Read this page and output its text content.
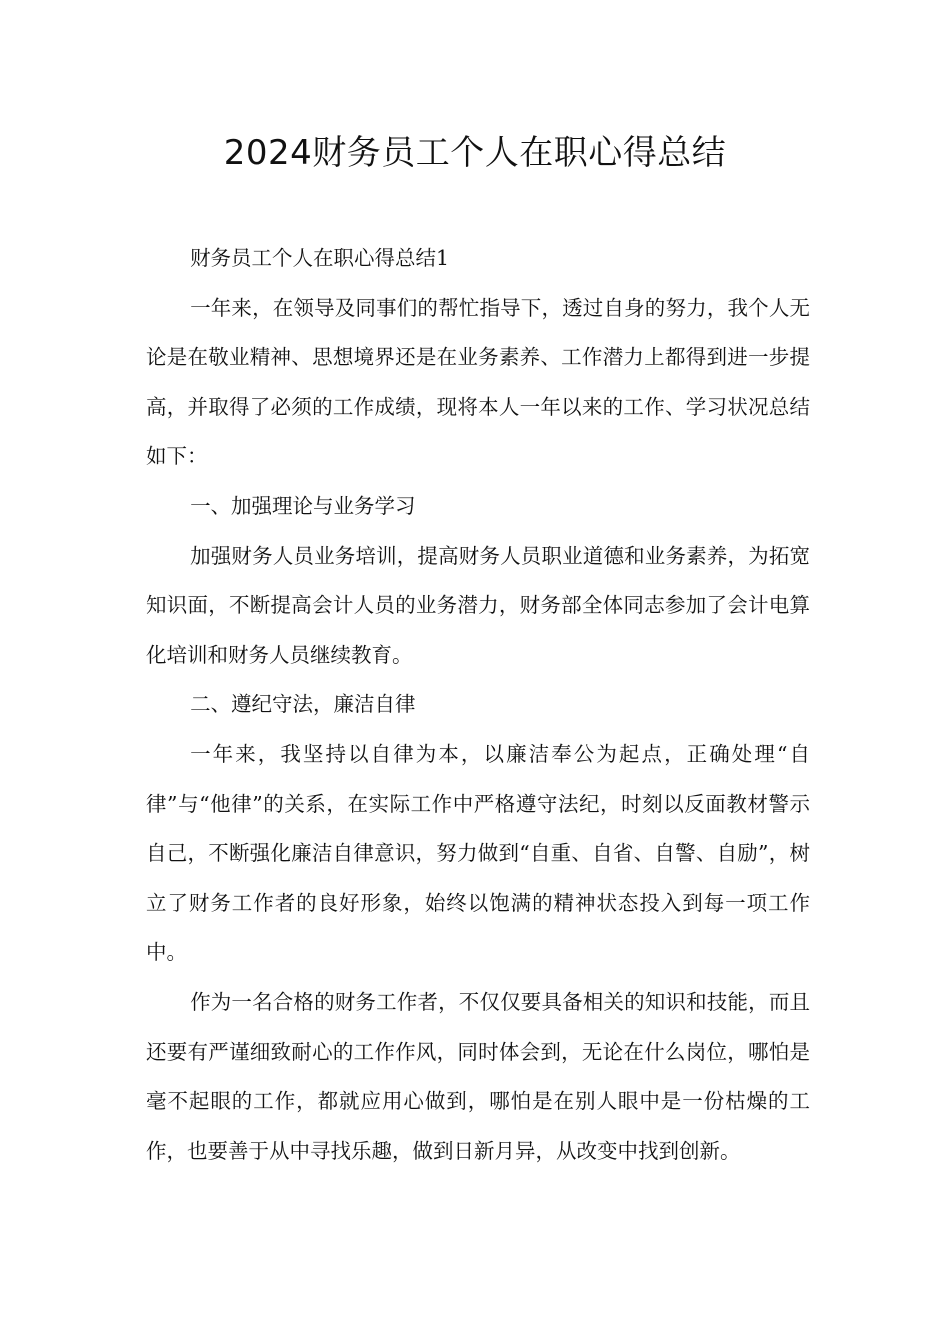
2024财务员工个人在职心得总结

财务员工个人在职心得总结1

一年来，在领导及同事们的帮忙指导下，透过自身的努力，我个人无论是在敬业精神、思想境界还是在业务素养、工作潜力上都得到进一步提高，并取得了必须的工作成绩，现将本人一年以来的工作、学习状况总结如下：

一、加强理论与业务学习

加强财务人员业务培训，提高财务人员职业道德和业务素养，为拓宽知识面，不断提高会计人员的业务潜力，财务部全体同志参加了会计电算化培训和财务人员继续教育。

二、遵纪守法，廉洁自律

一年来，我坚持以自律为本，以廉洁奉公为起点，正确处理“自律”与“他律”的关系，在实际工作中严格遵守法纪，时刻以反面教材警示自己，不断强化廉洁自律意识，努力做到“自重、自省、自警、自励”，树立了财务工作者的良好形象，始终以饱满的精神状态投入到每一项工作中。

作为一名合格的财务工作者，不仅仅要具备相关的知识和技能，而且还要有严谨细致耐心的工作作风，同时体会到，无论在什么岗位，哪怕是毫不起眼的工作，都就应用心做到，哪怕是在别人眼中是一份枯燥的工作，也要善于从中寻找乐趣，做到日新月异，从改变中找到创新。
